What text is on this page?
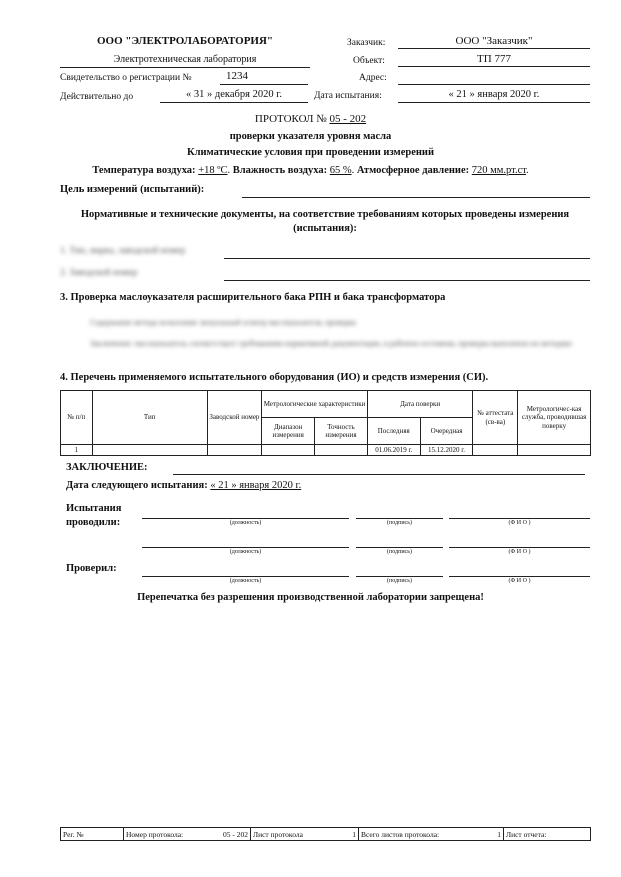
ООО "ЭЛЕКТРОЛАБОРАТОРИЯ"
Электротехническая лаборатория
Свидетельство о регистрации №	1234
Действительно до	« 31 » декабря 2020 г.
Заказчик:	ООО "Заказчик"
Объект:	ТП 777
Адрес:
Дата испытания:	« 21 » января 2020 г.
ПРОТОКОЛ № 05 - 202
проверки указателя уровня масла
Климатические условия при проведении измерений
Температура воздуха: +18 ºC. Влажность воздуха: 65 %. Атмосферное давление: 720 мм.рт.ст.
Цель измерений (испытаний):
Нормативные и технические документы, на соответствие требованиям которых проведены измерения (испытания):
1. Тип, марка, заводской номер
2. Заводской номер
3. Проверка маслоуказателя расширительного бака РПН и бака трансформатора
Содержание метода испытания: визуальный осмотр маслоуказателя, проверка
Заключение: маслоуказатель соответствует требованиям нормативной документации, в рабочем состоянии, проверка выполнена по методике
4. Перечень применяемого испытательного оборудования (ИО) и средств измерения (СИ).
№ п/п	Тип	Заводской номер	Метрологические характеристики		Дата поверки		№ аттестата (св-ва)	Метрологичес-кая служба, проводившая поверку
			Диапазон измерения	Точность измерения	Последняя	Очередная		
1					01.06.2019 г.	15.12.2020 г.		
ЗАКЛЮЧЕНИЕ:
Дата следующего испытания: « 21 » января 2020 г.
Испытания
проводили:	(должность)	(подпись)	(Ф И О )
(должность)	(подпись)	(Ф И О )
Проверил:
(должность)	(подпись)	(Ф И О )
Перепечатка без разрешения производственной лаборатории запрещена!
Рег. №	Номер протокола:	05 - 202	Лист протокола	1	Всего листов протокола:	1	Лист отчета:
